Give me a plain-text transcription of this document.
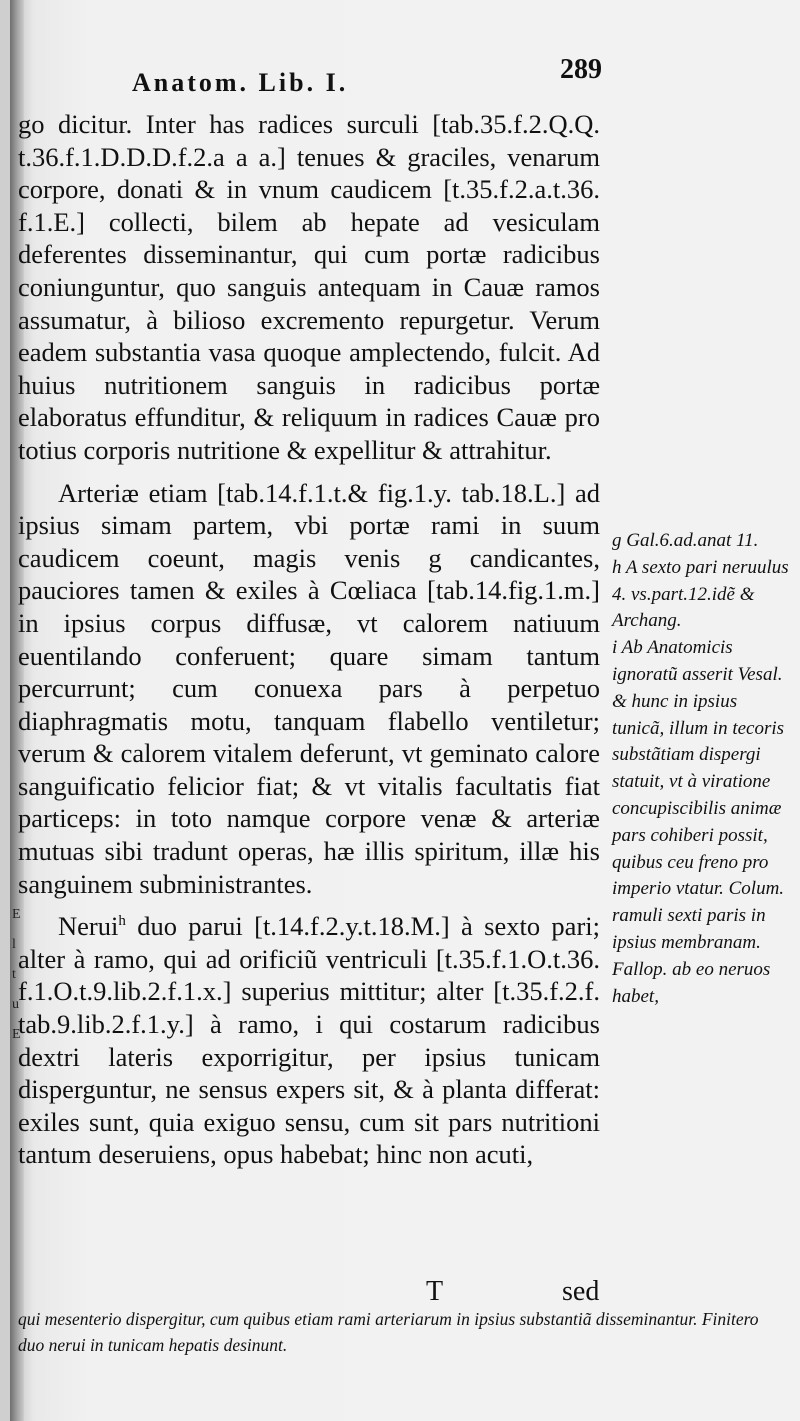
E
l
t
u
E
Anatom. Lib. I.	289

go dicitur. Inter has radices surculi [tab.35.f.2.Q.Q. t.36.f.1.D.D.D.f.2.a a a.] tenues & graciles, venarum corpore, donati & in vnum caudicem [t.35.f.2.a.t.36. f.1.E.] collecti, bilem ab hepate ad vesiculam deferentes disseminantur, qui cum portæ radicibus coniunguntur, quo sanguis antequam in Cauæ ramos assumatur, à bilioso excremento repurgetur. Verum eadem substantia vasa quoque amplectendo, fulcit. Ad huius nutritionem sanguis in radicibus portæ elaboratus effunditur, & reliquum in radices Cauæ pro totius corporis nutritione & expellitur & attrahitur.

Arteriæ etiam [tab.14.f.1.t.& fig.1.y. tab.18.L.] ad ipsius simam partem, vbi portæ rami in suum caudicem coeunt, magis venis g candicantes, pauciores tamen & exiles à Cœliaca [tab.14.fig.1.m.] in ipsius corpus diffusæ, vt calorem natiuum euentilando conferuent; quare simam tantum percurrunt; cum conuexa pars à perpetuo diaphragmatis motu, tanquam flabello ventiletur; verum & calorem vitalem deferunt, vt geminato calore sanguificatio felicior fiat; & vt vitalis facultatis fiat particeps: in toto namque corpore venæ & arteriæ mutuas sibi tradunt operas, hæ illis spiritum, illæ his sanguinem subministrantes.

Nerui$^h$ duo parui [t.14.f.2.y.t.18.M.] à sexto pari; alter à ramo, qui ad orificiũ ventriculi [t.35.f.1.O.t.36. f.1.O.t.9.lib.2.f.1.x.] superius mittitur; alter [t.35.f.2.f. tab.9.lib.2.f.1.y.] à ramo, i qui costarum radicibus dextri lateris exporrigitur, per ipsius tunicam disperguntur, ne sensus expers sit, & à planta differat: exiles sunt, quia exiguo sensu, cum sit pars nutritioni tantum deseruiens, opus habebat; hinc non acuti,

g Gal.6.ad.anat 11.

h A sexto pari neruulus 4. vs.part.12.idẽ & Archang.

i Ab Anatomicis ignoratũ asserit Vesal. & hunc in ipsius tunicã, illum in tecoris substãtiam dispergi statuit, vt à viratione concupiscibilis animæ pars cohiberi possit, quibus ceu freno pro imperio vtatur. Colum. ramuli sexti paris in ipsius membranam. Fallop. ab eo neruos habet,

T	sed
qui mesenterio dispergitur, cum quibus etiam rami arteriarum in ipsius substantiã disseminantur. Finitero duo nerui in tunicam hepatis desinunt.
